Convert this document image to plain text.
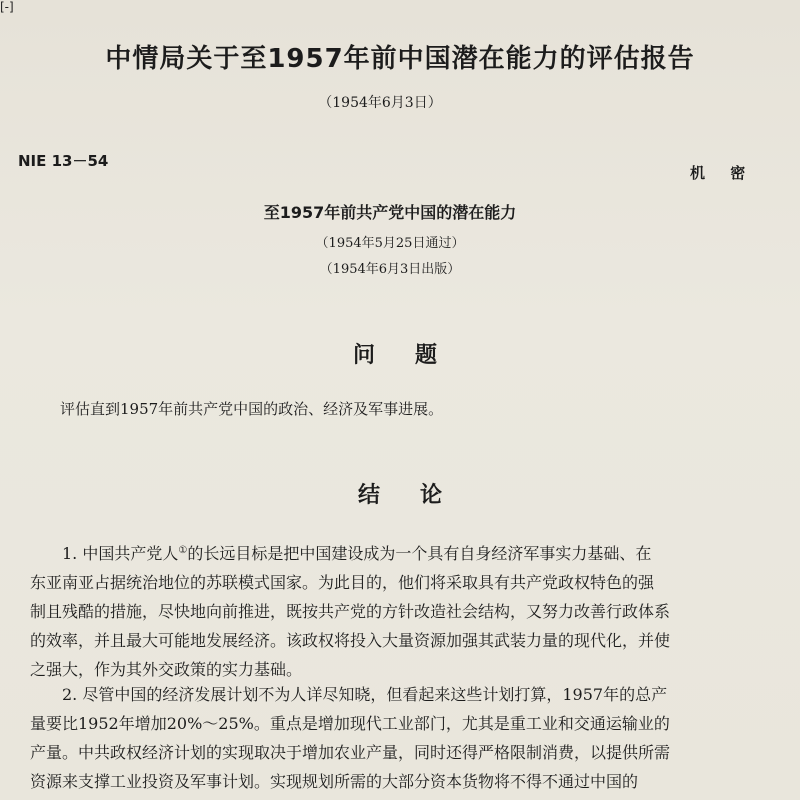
[-]
中情局关于至1957年前中国潜在能力的评估报告
（1954年6月3日）
NIE 13－54
机 密
至1957年前共产党中国的潜在能力
（1954年5月25日通过）
（1954年6月3日出版）
问题
评估直到1957年前共产党中国的政治、经济及军事进展。
结论
1. 中国共产党人①的长远目标是把中国建设成为一个具有自身经济军事实力基础、在
东亚南亚占据统治地位的苏联模式国家。为此目的，他们将采取具有共产党政权特色的强
制且残酷的措施，尽快地向前推进，既按共产党的方针改造社会结构，又努力改善行政体系
的效率，并且最大可能地发展经济。该政权将投入大量资源加强其武装力量的现代化，并使
之强大，作为其外交政策的实力基础。
2. 尽管中国的经济发展计划不为人详尽知晓，但看起来这些计划打算，1957年的总产
量要比1952年增加20%～25%。重点是增加现代工业部门，尤其是重工业和交通运输业的
产量。中共政权经济计划的实现取决于增加农业产量，同时还得严格限制消费，以提供所需
资源来支撑工业投资及军事计划。实现规划所需的大部分资本货物将不得不通过中国的
